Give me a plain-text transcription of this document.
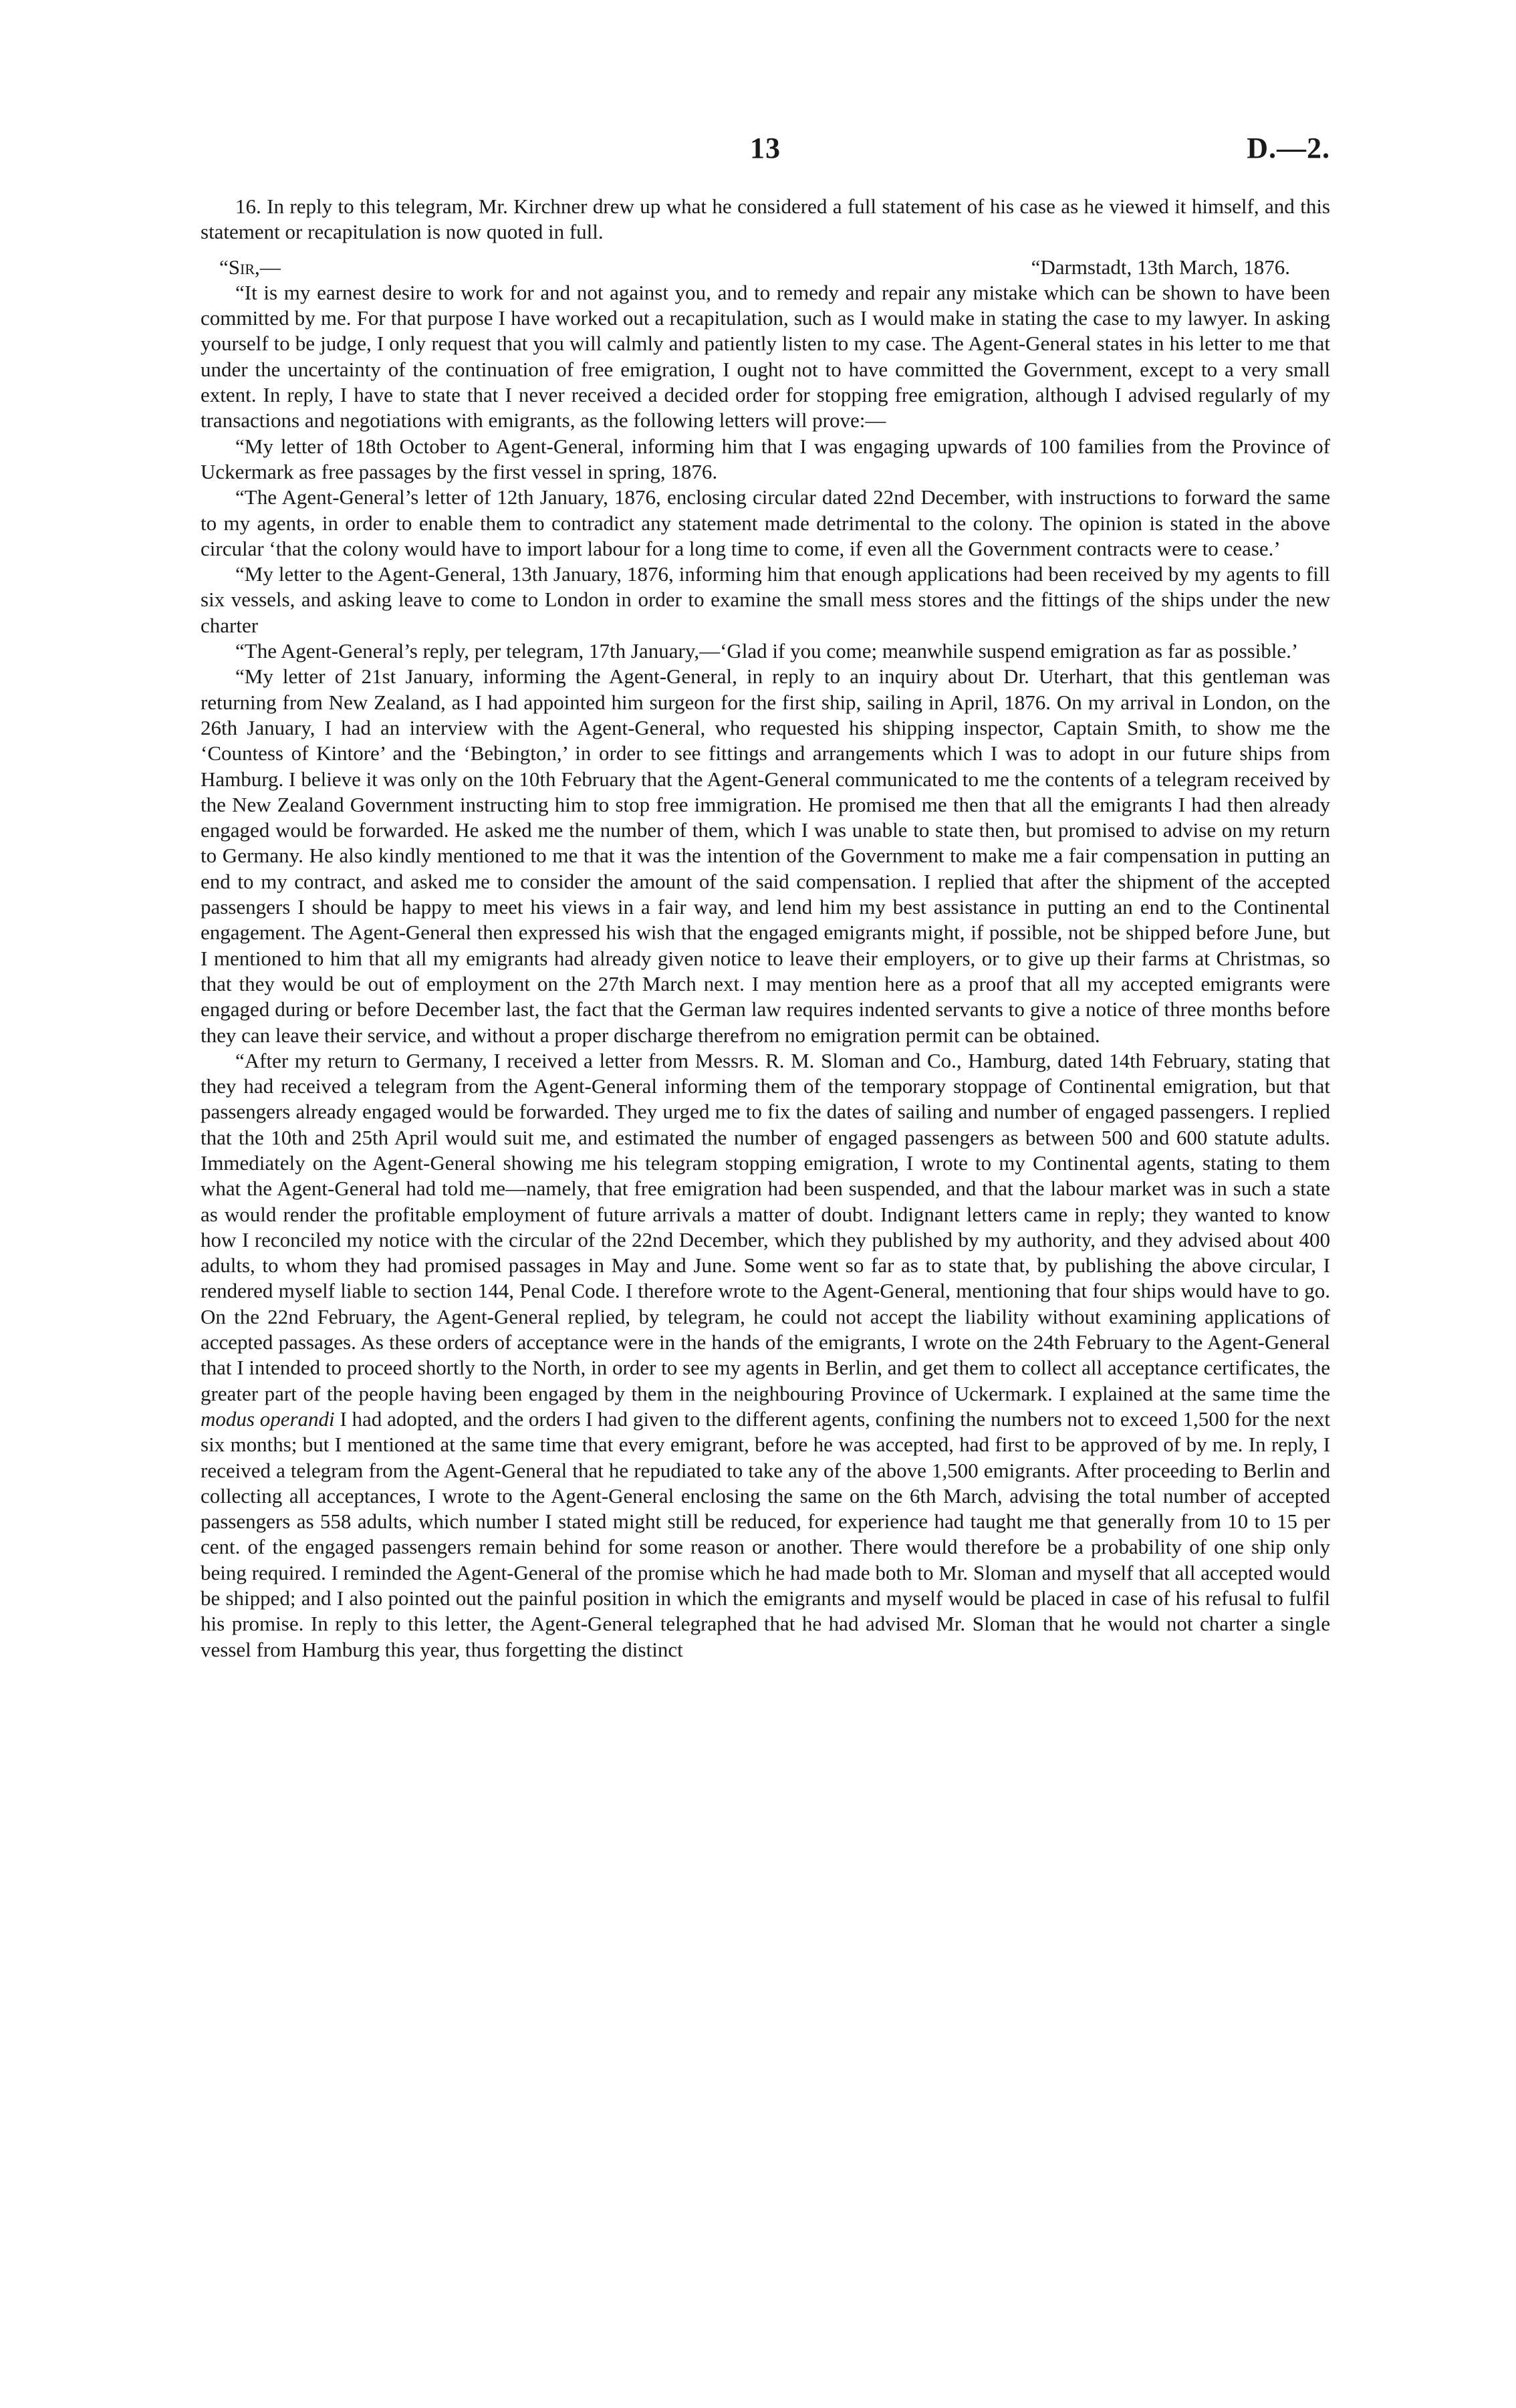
13	D.—2.

16. In reply to this telegram, Mr. Kirchner drew up what he considered a full statement of his case as he viewed it himself, and this statement or recapitulation is now quoted in full.

“Sir,—	“Darmstadt, 13th March, 1876.

“It is my earnest desire to work for and not against you, and to remedy and repair any mistake which can be shown to have been committed by me. For that purpose I have worked out a recapitulation, such as I would make in stating the case to my lawyer. In asking yourself to be judge, I only request that you will calmly and patiently listen to my case. The Agent-General states in his letter to me that under the uncertainty of the continuation of free emigration, I ought not to have committed the Government, except to a very small extent. In reply, I have to state that I never received a decided order for stopping free emigration, although I advised regularly of my transactions and negotiations with emigrants, as the following letters will prove:—

“My letter of 18th October to Agent-General, informing him that I was engaging upwards of 100 families from the Province of Uckermark as free passages by the first vessel in spring, 1876.

“The Agent-General’s letter of 12th January, 1876, enclosing circular dated 22nd December, with instructions to forward the same to my agents, in order to enable them to contradict any statement made detrimental to the colony. The opinion is stated in the above circular ‘that the colony would have to import labour for a long time to come, if even all the Government contracts were to cease.’

“My letter to the Agent-General, 13th January, 1876, informing him that enough applications had been received by my agents to fill six vessels, and asking leave to come to London in order to examine the small mess stores and the fittings of the ships under the new charter

“The Agent-General’s reply, per telegram, 17th January,—‘Glad if you come; meanwhile suspend emigration as far as possible.’

“My letter of 21st January, informing the Agent-General, in reply to an inquiry about Dr. Uterhart, that this gentleman was returning from New Zealand, as I had appointed him surgeon for the first ship, sailing in April, 1876. On my arrival in London, on the 26th January, I had an interview with the Agent-General, who requested his shipping inspector, Captain Smith, to show me the ‘Countess of Kintore’ and the ‘Bebington,’ in order to see fittings and arrangements which I was to adopt in our future ships from Hamburg. I believe it was only on the 10th February that the Agent-General communicated to me the contents of a telegram received by the New Zealand Government instructing him to stop free immigration. He promised me then that all the emigrants I had then already engaged would be forwarded. He asked me the number of them, which I was unable to state then, but promised to advise on my return to Germany. He also kindly mentioned to me that it was the intention of the Government to make me a fair compensation in putting an end to my contract, and asked me to consider the amount of the said compensation. I replied that after the shipment of the accepted passengers I should be happy to meet his views in a fair way, and lend him my best assistance in putting an end to the Continental engagement. The Agent-General then expressed his wish that the engaged emigrants might, if possible, not be shipped before June, but I mentioned to him that all my emigrants had already given notice to leave their employers, or to give up their farms at Christmas, so that they would be out of employment on the 27th March next. I may mention here as a proof that all my accepted emigrants were engaged during or before December last, the fact that the German law requires indented servants to give a notice of three months before they can leave their service, and without a proper discharge therefrom no emigration permit can be obtained.

“After my return to Germany, I received a letter from Messrs. R. M. Sloman and Co., Hamburg, dated 14th February, stating that they had received a telegram from the Agent-General informing them of the temporary stoppage of Continental emigration, but that passengers already engaged would be forwarded. They urged me to fix the dates of sailing and number of engaged passengers. I replied that the 10th and 25th April would suit me, and estimated the number of engaged passengers as between 500 and 600 statute adults. Immediately on the Agent-General showing me his telegram stopping emigration, I wrote to my Continental agents, stating to them what the Agent-General had told me—namely, that free emigration had been suspended, and that the labour market was in such a state as would render the profitable employment of future arrivals a matter of doubt. Indignant letters came in reply; they wanted to know how I reconciled my notice with the circular of the 22nd December, which they published by my authority, and they advised about 400 adults, to whom they had promised passages in May and June. Some went so far as to state that, by publishing the above circular, I rendered myself liable to section 144, Penal Code. I therefore wrote to the Agent-General, mentioning that four ships would have to go. On the 22nd February, the Agent-General replied, by telegram, he could not accept the liability without examining applications of accepted passages. As these orders of acceptance were in the hands of the emigrants, I wrote on the 24th February to the Agent-General that I intended to proceed shortly to the North, in order to see my agents in Berlin, and get them to collect all acceptance certificates, the greater part of the people having been engaged by them in the neighbouring Province of Uckermark. I explained at the same time the modus operandi I had adopted, and the orders I had given to the different agents, confining the numbers not to exceed 1,500 for the next six months; but I mentioned at the same time that every emigrant, before he was accepted, had first to be approved of by me. In reply, I received a telegram from the Agent-General that he repudiated to take any of the above 1,500 emigrants. After proceeding to Berlin and collecting all acceptances, I wrote to the Agent-General enclosing the same on the 6th March, advising the total number of accepted passengers as 558 adults, which number I stated might still be reduced, for experience had taught me that generally from 10 to 15 per cent. of the engaged passengers remain behind for some reason or another. There would therefore be a probability of one ship only being required. I reminded the Agent-General of the promise which he had made both to Mr. Sloman and myself that all accepted would be shipped; and I also pointed out the painful position in which the emigrants and myself would be placed in case of his refusal to fulfil his promise. In reply to this letter, the Agent-General telegraphed that he had advised Mr. Sloman that he would not charter a single vessel from Hamburg this year, thus forgetting the distinct
